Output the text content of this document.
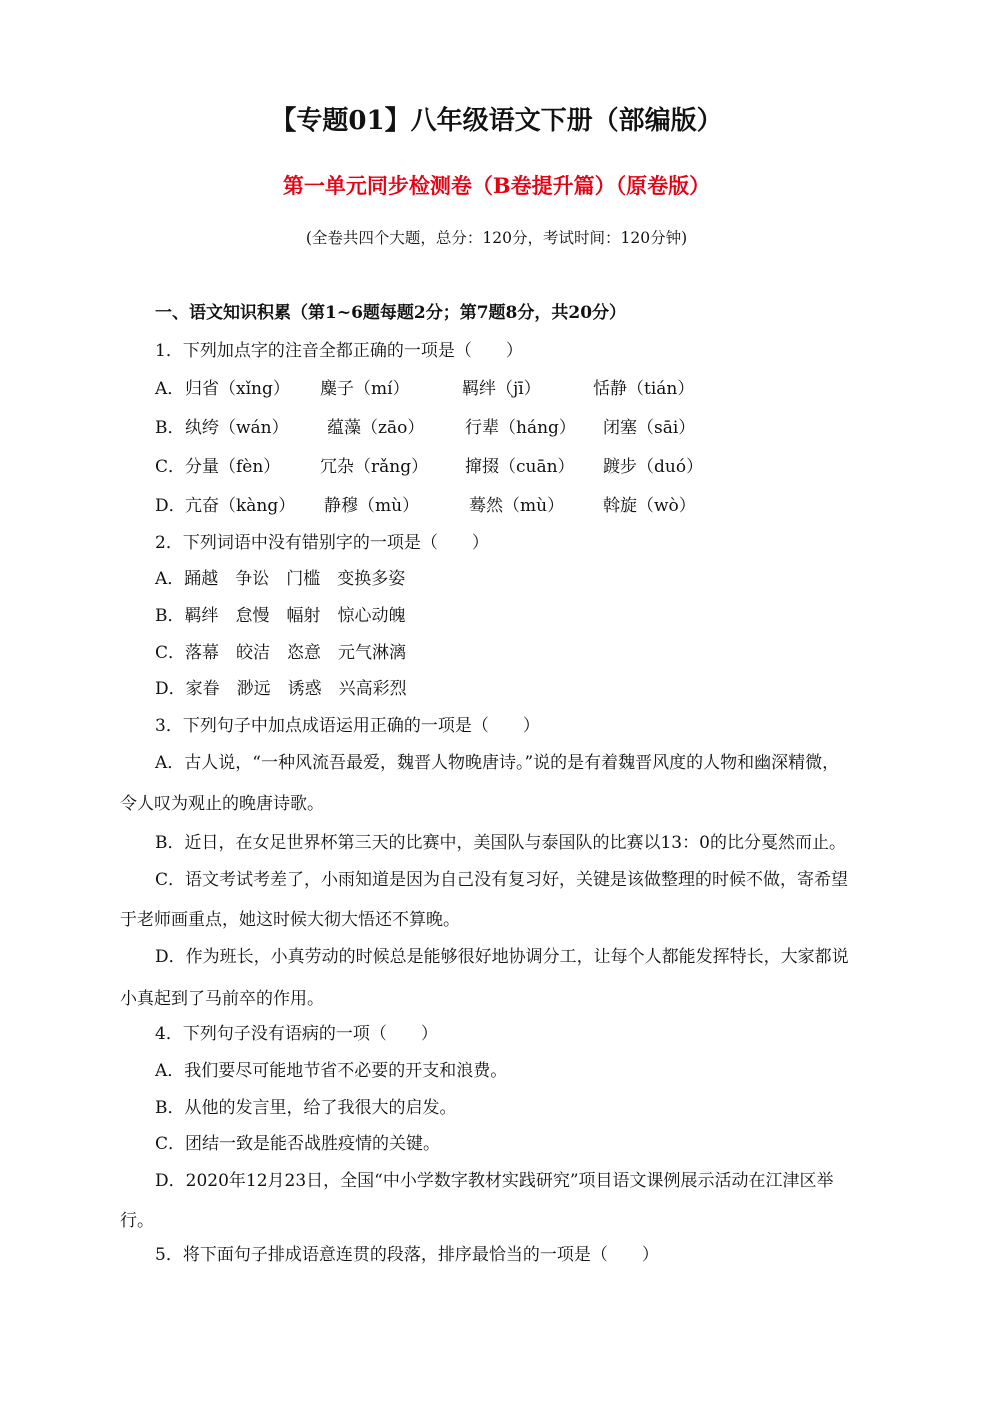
【专题01】八年级语文下册（部编版）
第一单元同步检测卷（B卷提升篇）（原卷版）
(全卷共四个大题，总分：120分，考试时间：120分钟)
一、语文知识积累（第1~6题每题2分；第7题8分，共20分）
1．下列加点字的注音全都正确的一项是（　　）
A． 归省（xǐng） 麋子（mí）	羁绊（jī）	恬静（tián）
B． 纨绔（wán） 蕴藻（zāo） 行辈（háng） 闭塞（sāi）
C． 分量（fèn） 冗杂（rǎng） 撺掇（cuān） 踱步（duó）
D． 亢奋（kàng） 静穆（mù）	蓦然（mù） 斡旋（wò）
2．下列词语中没有错别字的一项是（　　）
A．踊越　争讼　门槛　变换多姿
B．羁绊　怠慢　幅射　惊心动魄
C．落幕　皎洁　恣意　元气淋漓
D．家眷　渺远　诱惑　兴高彩烈
3．下列句子中加点成语运用正确的一项是（　　）
A．古人说，“一种风流吾最爱，魏晋人物晚唐诗。”说的是有着魏晋风度的人物和幽深精微，
令人叹为观止的晚唐诗歌。
B．近日，在女足世界杯第三天的比赛中，美国队与泰国队的比赛以13：0的比分戛然而止。
C．语文考试考差了，小雨知道是因为自己没有复习好，关键是该做整理的时候不做，寄希望
于老师画重点，她这时候大彻大悟还不算晚。
D．作为班长，小真劳动的时候总是能够很好地协调分工，让每个人都能发挥特长，大家都说
小真起到了马前卒的作用。
4．下列句子没有语病的一项（　　）
A．我们要尽可能地节省不必要的开支和浪费。
B．从他的发言里，给了我很大的启发。
C．团结一致是能否战胜疫情的关键。
D．2020年12月23日，全国“中小学数字教材实践研究”项目语文课例展示活动在江津区举
行。
5．将下面句子排成语意连贯的段落，排序最恰当的一项是（　　）
